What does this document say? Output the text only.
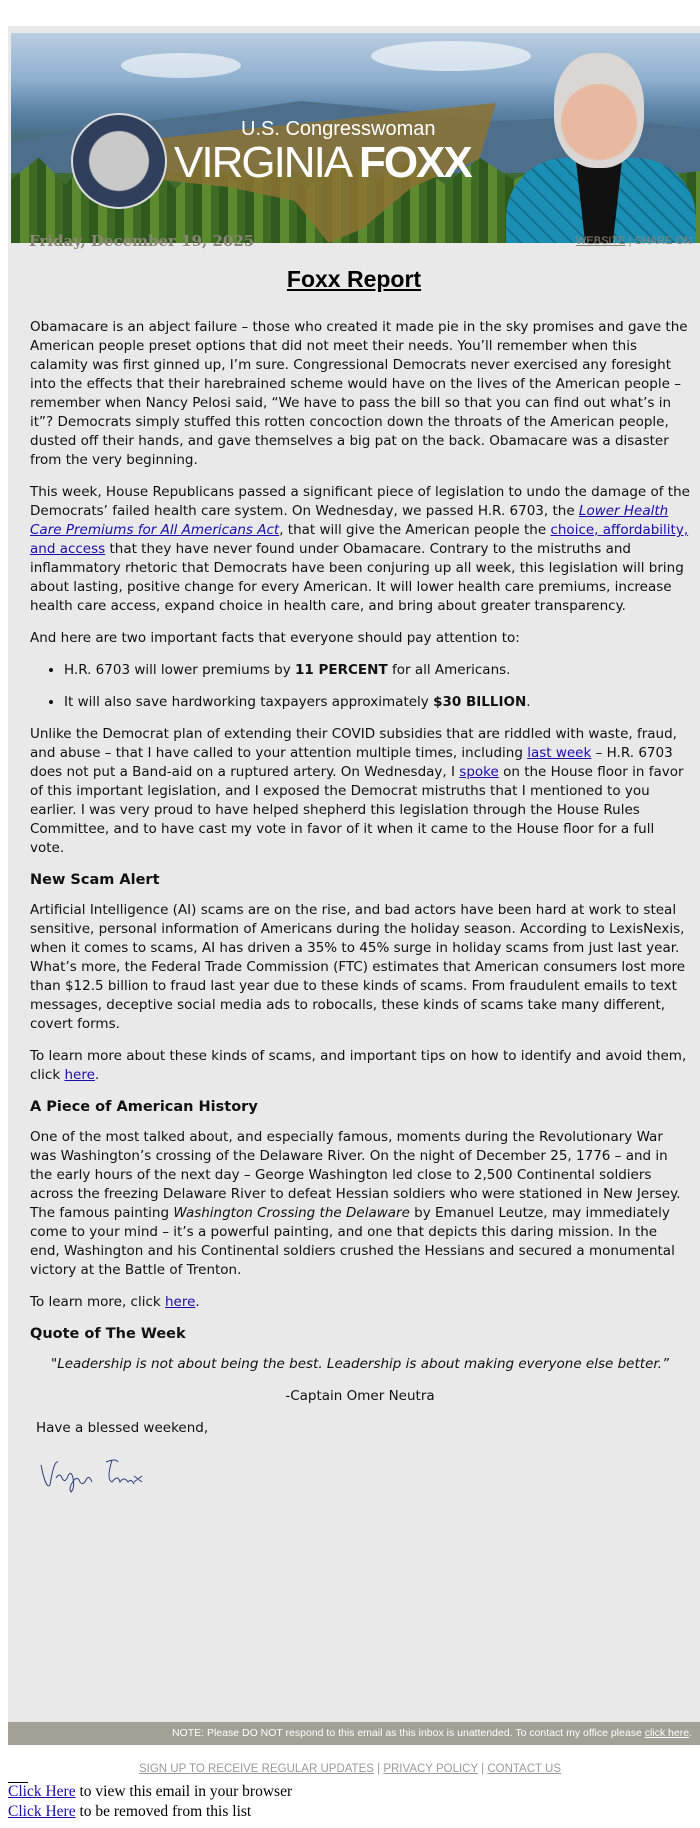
U.S. Congresswoman
VIRGINIA FOXX
Friday, December 19, 2025	WEBSITE | SHARE ON
Foxx Report

Obamacare is an abject failure – those who created it made pie in the sky promises and gave the American people preset options that did not meet their needs. You’ll remember when this calamity was first ginned up, I’m sure. Congressional Democrats never exercised any foresight into the effects that their harebrained scheme would have on the lives of the American people – remember when Nancy Pelosi said, “We have to pass the bill so that you can find out what’s in it”? Democrats simply stuffed this rotten concoction down the throats of the American people, dusted off their hands, and gave themselves a big pat on the back. Obamacare was a disaster from the very beginning.

This week, House Republicans passed a significant piece of legislation to undo the damage of the Democrats’ failed health care system. On Wednesday, we passed H.R. 6703, the Lower Health Care Premiums for All Americans Act, that will give the American people the choice, affordability, and access that they have never found under Obamacare. Contrary to the mistruths and inflammatory rhetoric that Democrats have been conjuring up all week, this legislation will bring about lasting, positive change for every American. It will lower health care premiums, increase health care access, expand choice in health care, and bring about greater transparency.

And here are two important facts that everyone should pay attention to:

• H.R. 6703 will lower premiums by 11 PERCENT for all Americans.
• It will also save hardworking taxpayers approximately $30 BILLION.

Unlike the Democrat plan of extending their COVID subsidies that are riddled with waste, fraud, and abuse – that I have called to your attention multiple times, including last week – H.R. 6703 does not put a Band-aid on a ruptured artery. On Wednesday, I spoke on the House floor in favor of this important legislation, and I exposed the Democrat mistruths that I mentioned to you earlier. I was very proud to have helped shepherd this legislation through the House Rules Committee, and to have cast my vote in favor of it when it came to the House floor for a full vote.

New Scam Alert

Artificial Intelligence (AI) scams are on the rise, and bad actors have been hard at work to steal sensitive, personal information of Americans during the holiday season. According to LexisNexis, when it comes to scams, AI has driven a 35% to 45% surge in holiday scams from just last year. What’s more, the Federal Trade Commission (FTC) estimates that American consumers lost more than $12.5 billion to fraud last year due to these kinds of scams. From fraudulent emails to text messages, deceptive social media ads to robocalls, these kinds of scams take many different, covert forms.

To learn more about these kinds of scams, and important tips on how to identify and avoid them, click here.

A Piece of American History

One of the most talked about, and especially famous, moments during the Revolutionary War was Washington’s crossing of the Delaware River. On the night of December 25, 1776 – and in the early hours of the next day – George Washington led close to 2,500 Continental soldiers across the freezing Delaware River to defeat Hessian soldiers who were stationed in New Jersey. The famous painting Washington Crossing the Delaware by Emanuel Leutze, may immediately come to your mind – it’s a powerful painting, and one that depicts this daring mission. In the end, Washington and his Continental soldiers crushed the Hessians and secured a monumental victory at the Battle of Trenton.

To learn more, click here.

Quote of The Week

"Leadership is not about being the best. Leadership is about making everyone else better.”

-Captain Omer Neutra

Have a blessed weekend,
NOTE: Please DO NOT respond to this email as this inbox is unattended. To contact my office please click here.
SIGN UP TO RECEIVE REGULAR UPDATES | PRIVACY POLICY | CONTACT US
Click Here to view this email in your browser
Click Here to be removed from this list
